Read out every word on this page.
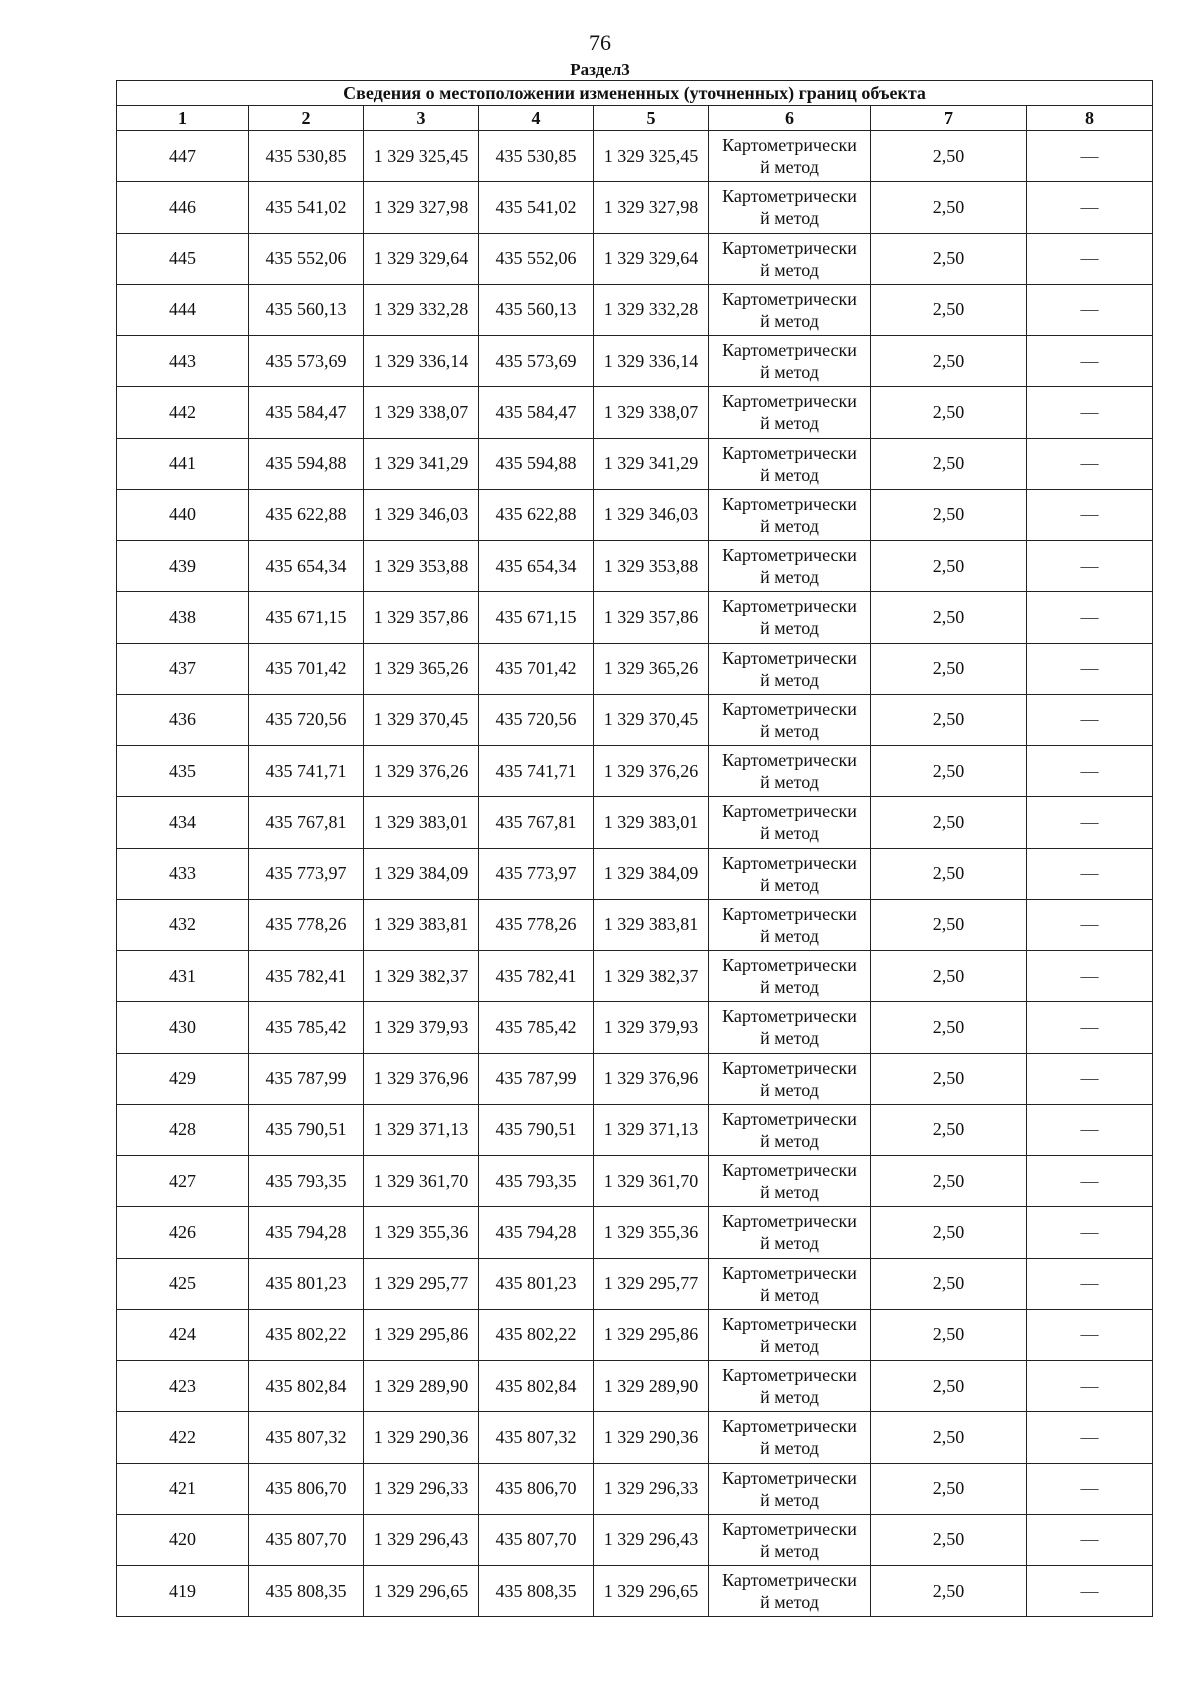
76
Раздел3
Сведения о местоположении измененных (уточненных) границ объекта							
1	2	3	4	5	6	7	8
447	435 530,85	1 329 325,45	435 530,85	1 329 325,45	Картометрически
й метод	2,50	—
446	435 541,02	1 329 327,98	435 541,02	1 329 327,98	Картометрически
й метод	2,50	—
445	435 552,06	1 329 329,64	435 552,06	1 329 329,64	Картометрически
й метод	2,50	—
444	435 560,13	1 329 332,28	435 560,13	1 329 332,28	Картометрически
й метод	2,50	—
443	435 573,69	1 329 336,14	435 573,69	1 329 336,14	Картометрически
й метод	2,50	—
442	435 584,47	1 329 338,07	435 584,47	1 329 338,07	Картометрически
й метод	2,50	—
441	435 594,88	1 329 341,29	435 594,88	1 329 341,29	Картометрически
й метод	2,50	—
440	435 622,88	1 329 346,03	435 622,88	1 329 346,03	Картометрически
й метод	2,50	—
439	435 654,34	1 329 353,88	435 654,34	1 329 353,88	Картометрически
й метод	2,50	—
438	435 671,15	1 329 357,86	435 671,15	1 329 357,86	Картометрически
й метод	2,50	—
437	435 701,42	1 329 365,26	435 701,42	1 329 365,26	Картометрически
й метод	2,50	—
436	435 720,56	1 329 370,45	435 720,56	1 329 370,45	Картометрически
й метод	2,50	—
435	435 741,71	1 329 376,26	435 741,71	1 329 376,26	Картометрически
й метод	2,50	—
434	435 767,81	1 329 383,01	435 767,81	1 329 383,01	Картометрически
й метод	2,50	—
433	435 773,97	1 329 384,09	435 773,97	1 329 384,09	Картометрически
й метод	2,50	—
432	435 778,26	1 329 383,81	435 778,26	1 329 383,81	Картометрически
й метод	2,50	—
431	435 782,41	1 329 382,37	435 782,41	1 329 382,37	Картометрически
й метод	2,50	—
430	435 785,42	1 329 379,93	435 785,42	1 329 379,93	Картометрически
й метод	2,50	—
429	435 787,99	1 329 376,96	435 787,99	1 329 376,96	Картометрически
й метод	2,50	—
428	435 790,51	1 329 371,13	435 790,51	1 329 371,13	Картометрически
й метод	2,50	—
427	435 793,35	1 329 361,70	435 793,35	1 329 361,70	Картометрически
й метод	2,50	—
426	435 794,28	1 329 355,36	435 794,28	1 329 355,36	Картометрически
й метод	2,50	—
425	435 801,23	1 329 295,77	435 801,23	1 329 295,77	Картометрически
й метод	2,50	—
424	435 802,22	1 329 295,86	435 802,22	1 329 295,86	Картометрически
й метод	2,50	—
423	435 802,84	1 329 289,90	435 802,84	1 329 289,90	Картометрически
й метод	2,50	—
422	435 807,32	1 329 290,36	435 807,32	1 329 290,36	Картометрически
й метод	2,50	—
421	435 806,70	1 329 296,33	435 806,70	1 329 296,33	Картометрически
й метод	2,50	—
420	435 807,70	1 329 296,43	435 807,70	1 329 296,43	Картометрически
й метод	2,50	—
419	435 808,35	1 329 296,65	435 808,35	1 329 296,65	Картометрически
й метод	2,50	—
